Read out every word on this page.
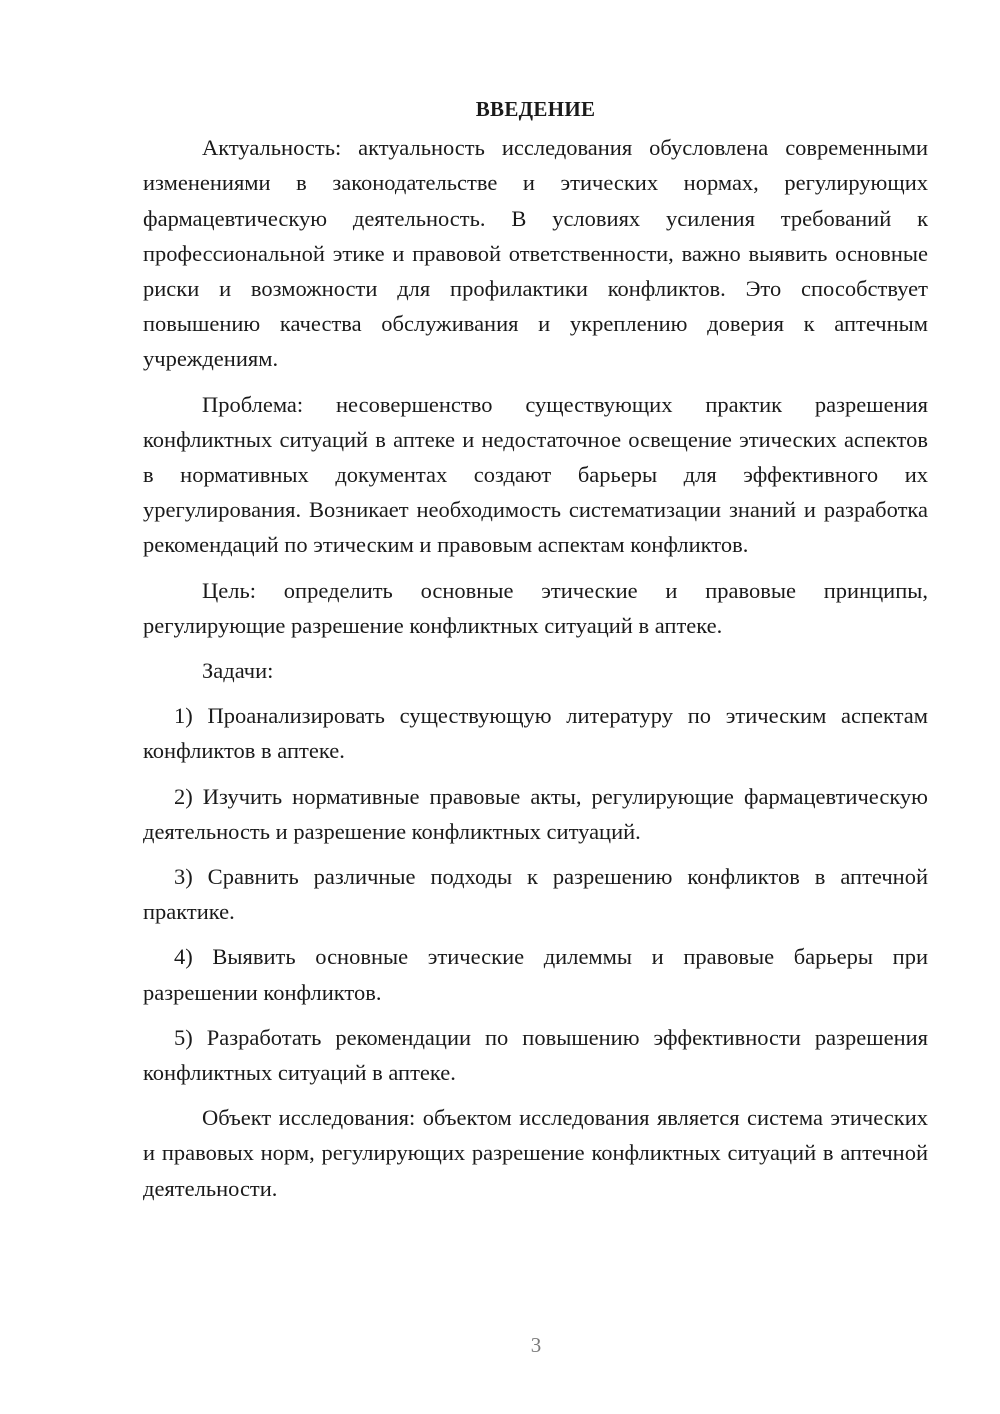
ВВЕДЕНИЕ

Актуальность: актуальность исследования обусловлена современными изменениями в законодательстве и этических нормах, регулирующих фармацевтическую деятельность. В условиях усиления требований к профессиональной этике и правовой ответственности, важно выявить основные риски и возможности для профилактики конфликтов. Это способствует повышению качества обслуживания и укреплению доверия к аптечным учреждениям.

Проблема: несовершенство существующих практик разрешения конфликтных ситуаций в аптеке и недостаточное освещение этических аспектов в нормативных документах создают барьеры для эффективного их урегулирования. Возникает необходимость систематизации знаний и разработка рекомендаций по этическим и правовым аспектам конфликтов.

Цель: определить основные этические и правовые принципы, регулирующие разрешение конфликтных ситуаций в аптеке.

Задачи:

1) Проанализировать существующую литературу по этическим аспектам конфликтов в аптеке.

2) Изучить нормативные правовые акты, регулирующие фармацевтическую деятельность и разрешение конфликтных ситуаций.

3) Сравнить различные подходы к разрешению конфликтов в аптечной практике.

4) Выявить основные этические дилеммы и правовые барьеры при разрешении конфликтов.

5) Разработать рекомендации по повышению эффективности разрешения конфликтных ситуаций в аптеке.

Объект исследования: объектом исследования является система этических и правовых норм, регулирующих разрешение конфликтных ситуаций в аптечной деятельности.

3
